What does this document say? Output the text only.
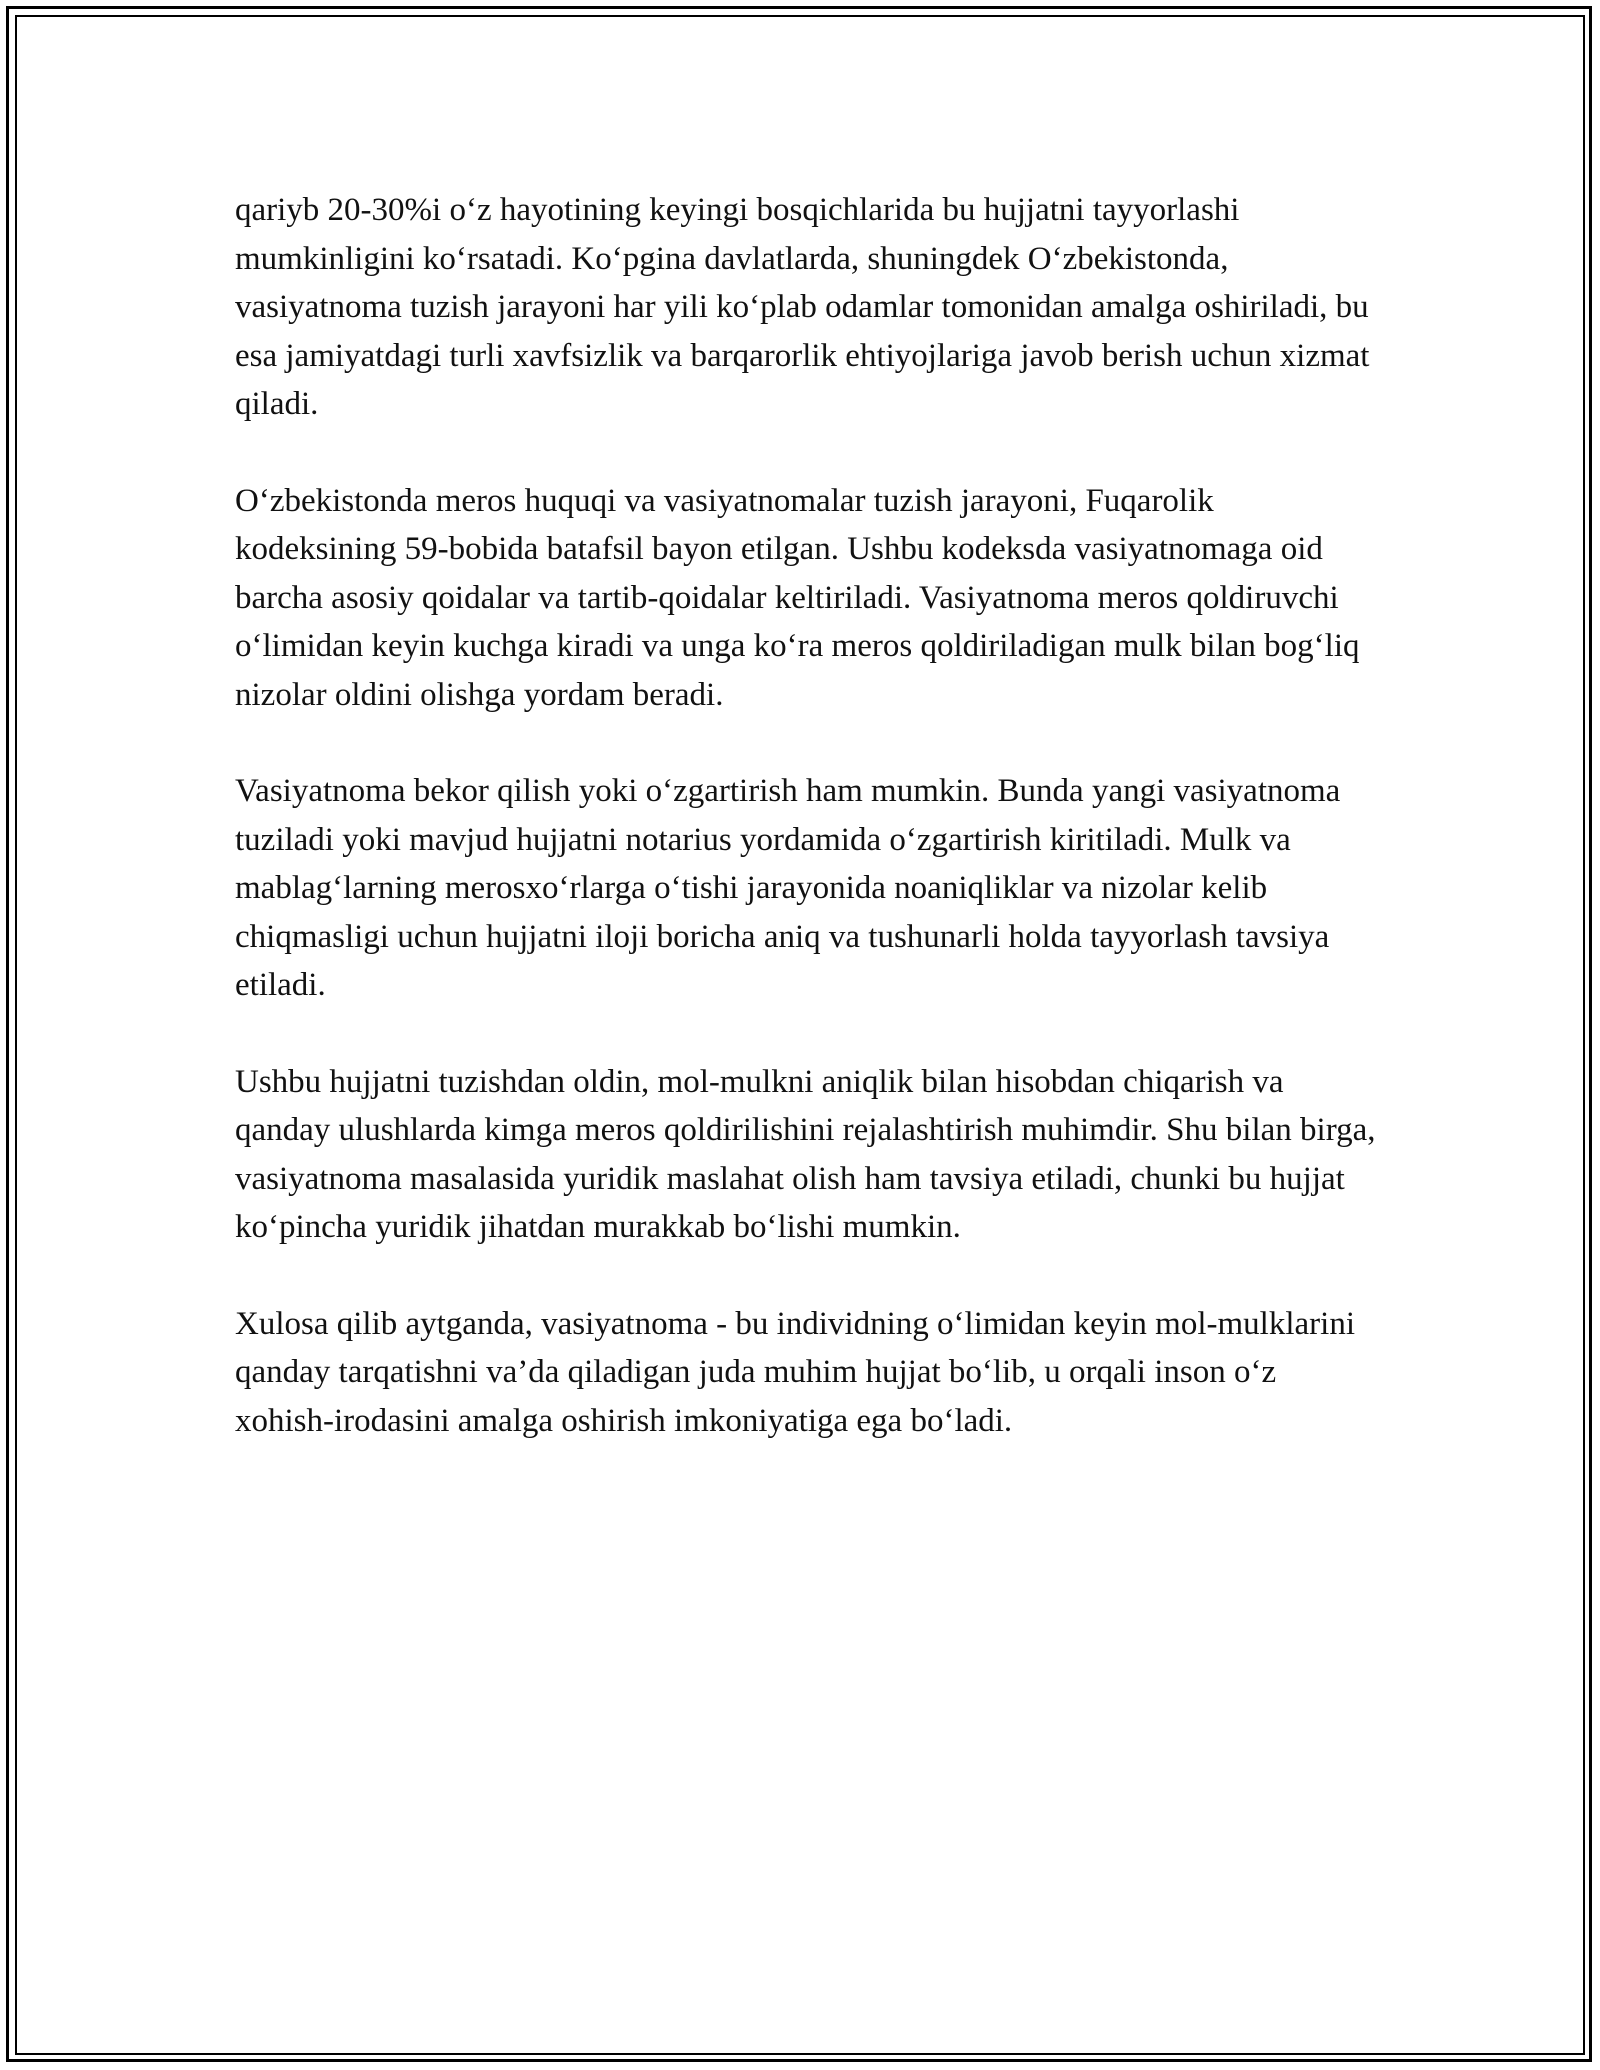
qariyb 20-30%i o‘z hayotining keyingi bosqichlarida bu hujjatni tayyorlashi mumkinligini ko‘rsatadi. Ko‘pgina davlatlarda, shuningdek O‘zbekistonda, vasiyatnoma tuzish jarayoni har yili ko‘plab odamlar tomonidan amalga oshiriladi, bu esa jamiyatdagi turli xavfsizlik va barqarorlik ehtiyojlariga javob berish uchun xizmat qiladi.

O‘zbekistonda meros huquqi va vasiyatnomalar tuzish jarayoni, Fuqarolik kodeksining 59-bobida batafsil bayon etilgan. Ushbu kodeksda vasiyatnomaga oid barcha asosiy qoidalar va tartib-qoidalar keltiriladi. Vasiyatnoma meros qoldiruvchi o‘limidan keyin kuchga kiradi va unga ko‘ra meros qoldiriladigan mulk bilan bog‘liq nizolar oldini olishga yordam beradi.

Vasiyatnoma bekor qilish yoki o‘zgartirish ham mumkin. Bunda yangi vasiyatnoma tuziladi yoki mavjud hujjatni notarius yordamida o‘zgartirish kiritiladi. Mulk va mablag‘larning merosxo‘rlarga o‘tishi jarayonida noaniqliklar va nizolar kelib chiqmasligi uchun hujjatni iloji boricha aniq va tushunarli holda tayyorlash tavsiya etiladi.

Ushbu hujjatni tuzishdan oldin, mol-mulkni aniqlik bilan hisobdan chiqarish va qanday ulushlarda kimga meros qoldirilishini rejalashtirish muhimdir. Shu bilan birga, vasiyatnoma masalasida yuridik maslahat olish ham tavsiya etiladi, chunki bu hujjat ko‘pincha yuridik jihatdan murakkab bo‘lishi mumkin.

Xulosa qilib aytganda, vasiyatnoma - bu individning o‘limidan keyin mol-mulklarini qanday tarqatishni va’da qiladigan juda muhim hujjat bo‘lib, u orqali inson o‘z xohish-irodasini amalga oshirish imkoniyatiga ega bo‘ladi.
